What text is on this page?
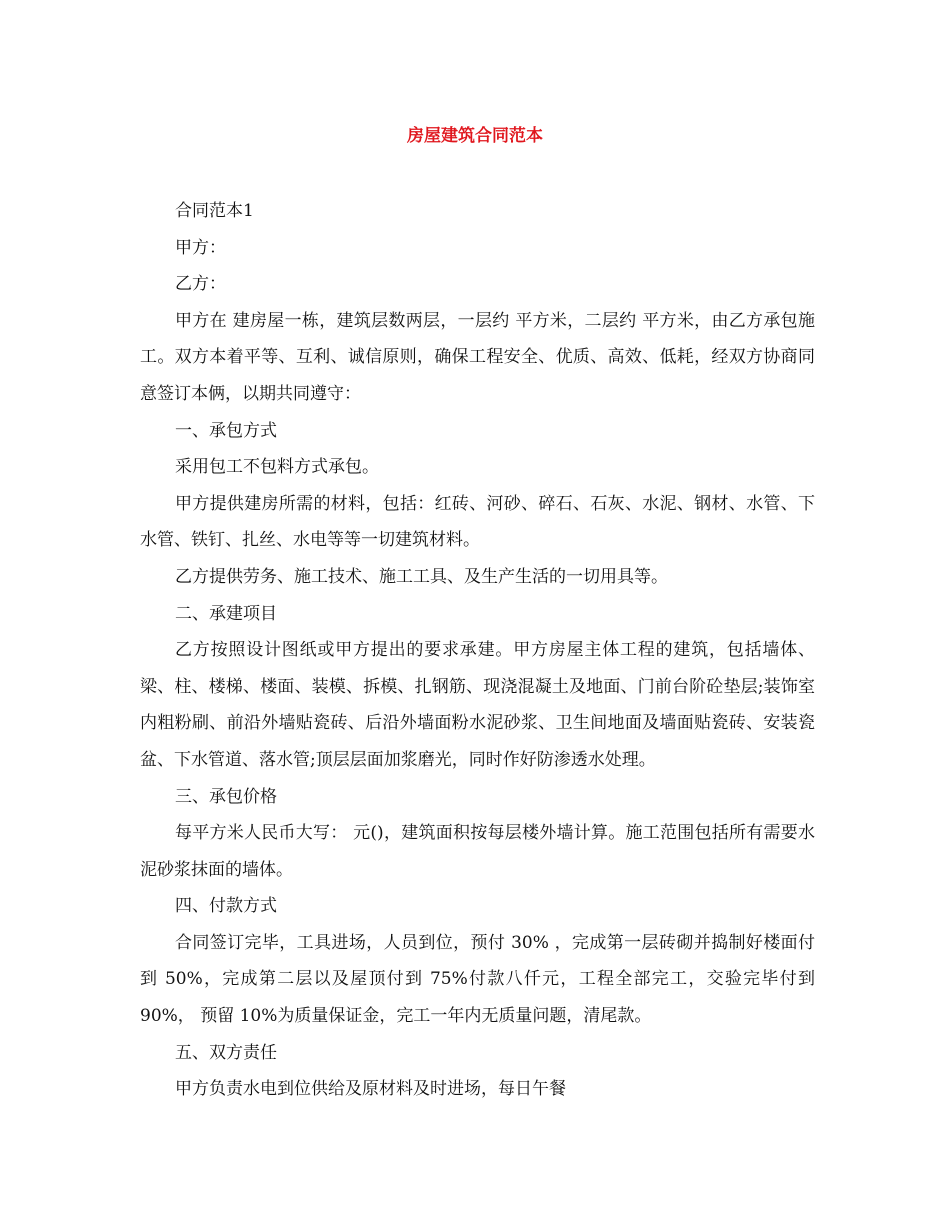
房屋建筑合同范本

合同范本1

甲方：

乙方：

甲方在 建房屋一栋，建筑层数两层，一层约 平方米，二层约 平方米，由乙方承包施工。双方本着平等、互利、诚信原则，确保工程安全、优质、高效、低耗，经双方协商同意签订本俩，以期共同遵守：

一、承包方式

采用包工不包料方式承包。

甲方提供建房所需的材料，包括：红砖、河砂、碎石、石灰、水泥、钢材、水管、下水管、铁钉、扎丝、水电等等一切建筑材料。

乙方提供劳务、施工技术、施工工具、及生产生活的一切用具等。

二、承建项目

乙方按照设计图纸或甲方提出的要求承建。甲方房屋主体工程的建筑，包括墙体、梁、柱、楼梯、楼面、装模、拆模、扎钢筋、现浇混凝土及地面、门前台阶砼垫层;装饰室内粗粉刷、前沿外墙贴瓷砖、后沿外墙面粉水泥砂浆、卫生间地面及墙面贴瓷砖、安装瓷盆、下水管道、落水管;顶层层面加浆磨光，同时作好防渗透水处理。

三、承包价格

每平方米人民币大写： 元()，建筑面积按每层楼外墙计算。施工范围包括所有需要水泥砂浆抹面的墙体。

四、付款方式

合同签订完毕，工具进场，人员到位，预付 30% ，完成第一层砖砌并捣制好楼面付到 50%，完成第二层以及屋顶付到 75%付款八仟元，工程全部完工，交验完毕付到 90%， 预留 10%为质量保证金，完工一年内无质量问题，清尾款。

五、双方责任

甲方负责水电到位供给及原材料及时进场，每日午餐
